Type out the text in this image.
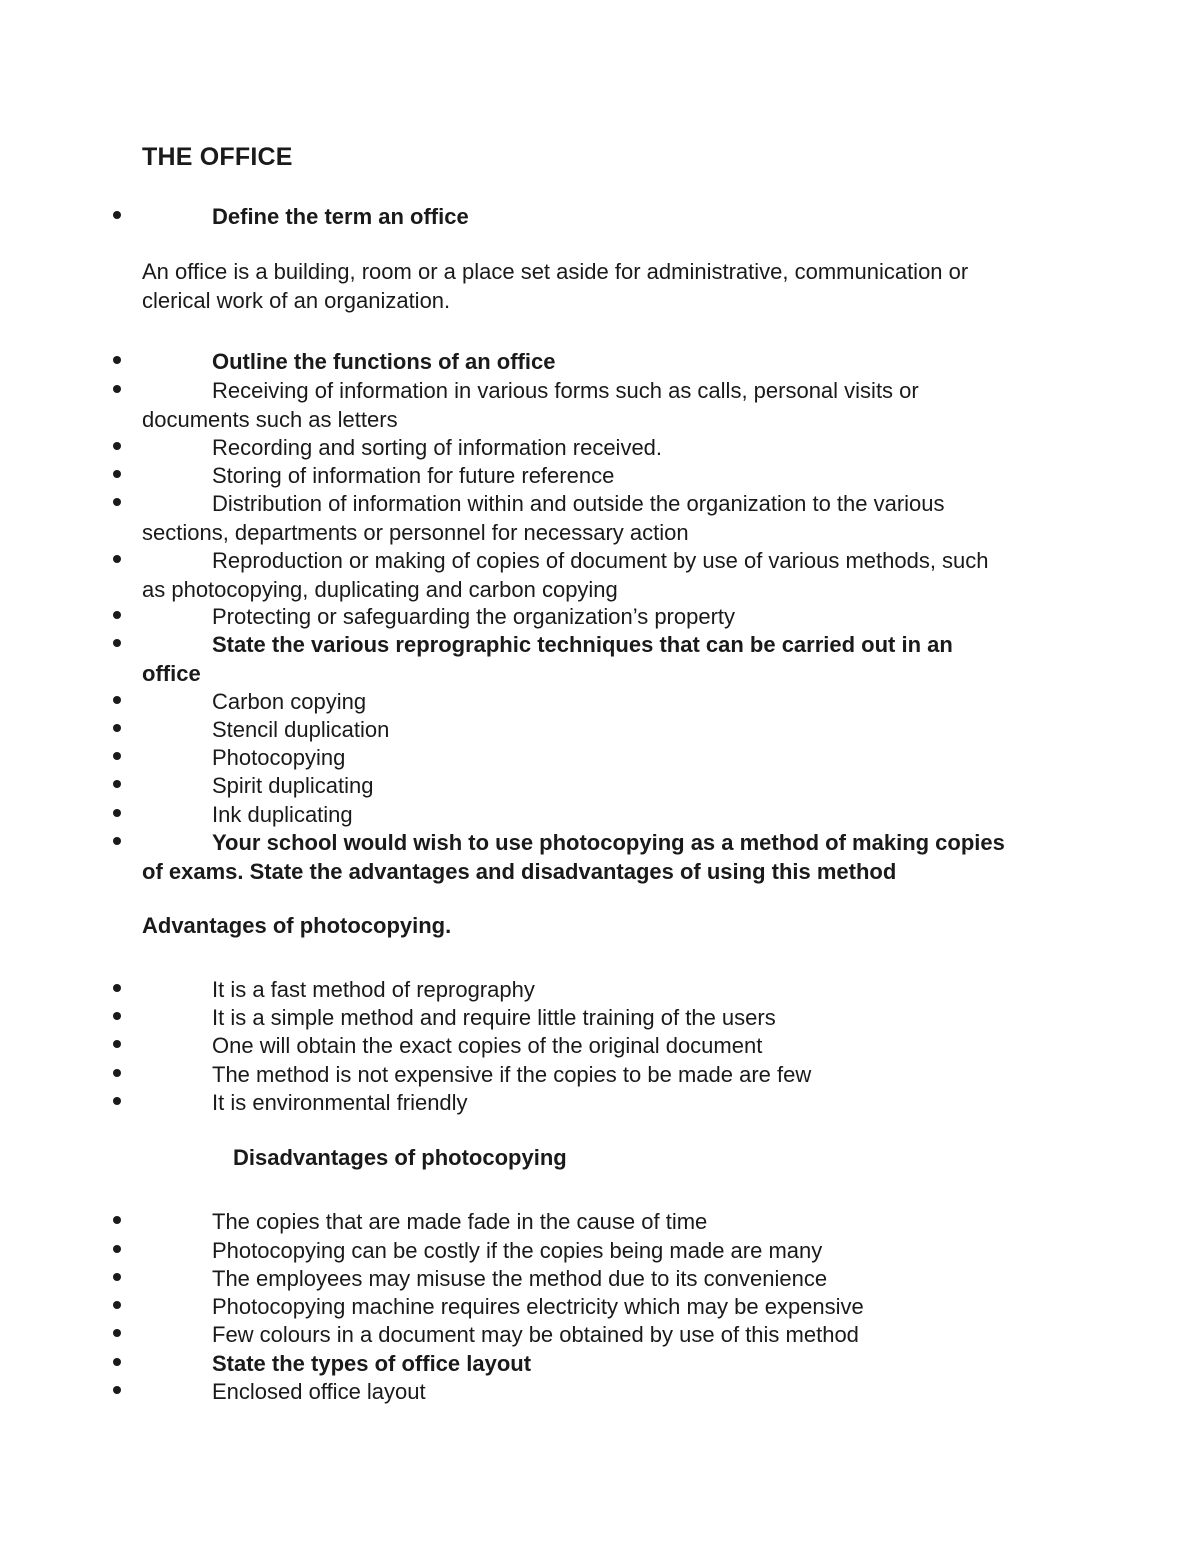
THE OFFICE
Define the term an office
An office is a building, room or a place set aside for administrative, communication or
clerical work of an organization.
Outline the functions of an office
Receiving of information in various forms such as calls, personal visits or
documents such as letters
Recording and sorting of information received.
Storing of information for future reference
Distribution of information within and outside the organization to the various
sections, departments or personnel for necessary action
Reproduction or making of copies of document by use of various methods, such
as photocopying, duplicating and carbon copying
Protecting or safeguarding the organization’s property
State the various reprographic techniques that can be carried out in an
office
Carbon copying
Stencil duplication
Photocopying
Spirit duplicating
Ink duplicating
Your school would wish to use photocopying as a method of making copies
of exams. State the advantages and disadvantages of using this method
Advantages of photocopying.
It is a fast method of reprography
It is a simple method and require little training of the users
One will obtain the exact copies of the original document
The method is not expensive if the copies to be made are few
It is environmental friendly
Disadvantages of photocopying
The copies that are made fade in the cause of time
Photocopying can be costly if the copies being made are many
The employees may misuse the method due to its convenience
Photocopying machine requires electricity which may be expensive
Few colours in a document may be obtained by use of this method
State the types of office layout
Enclosed office layout
